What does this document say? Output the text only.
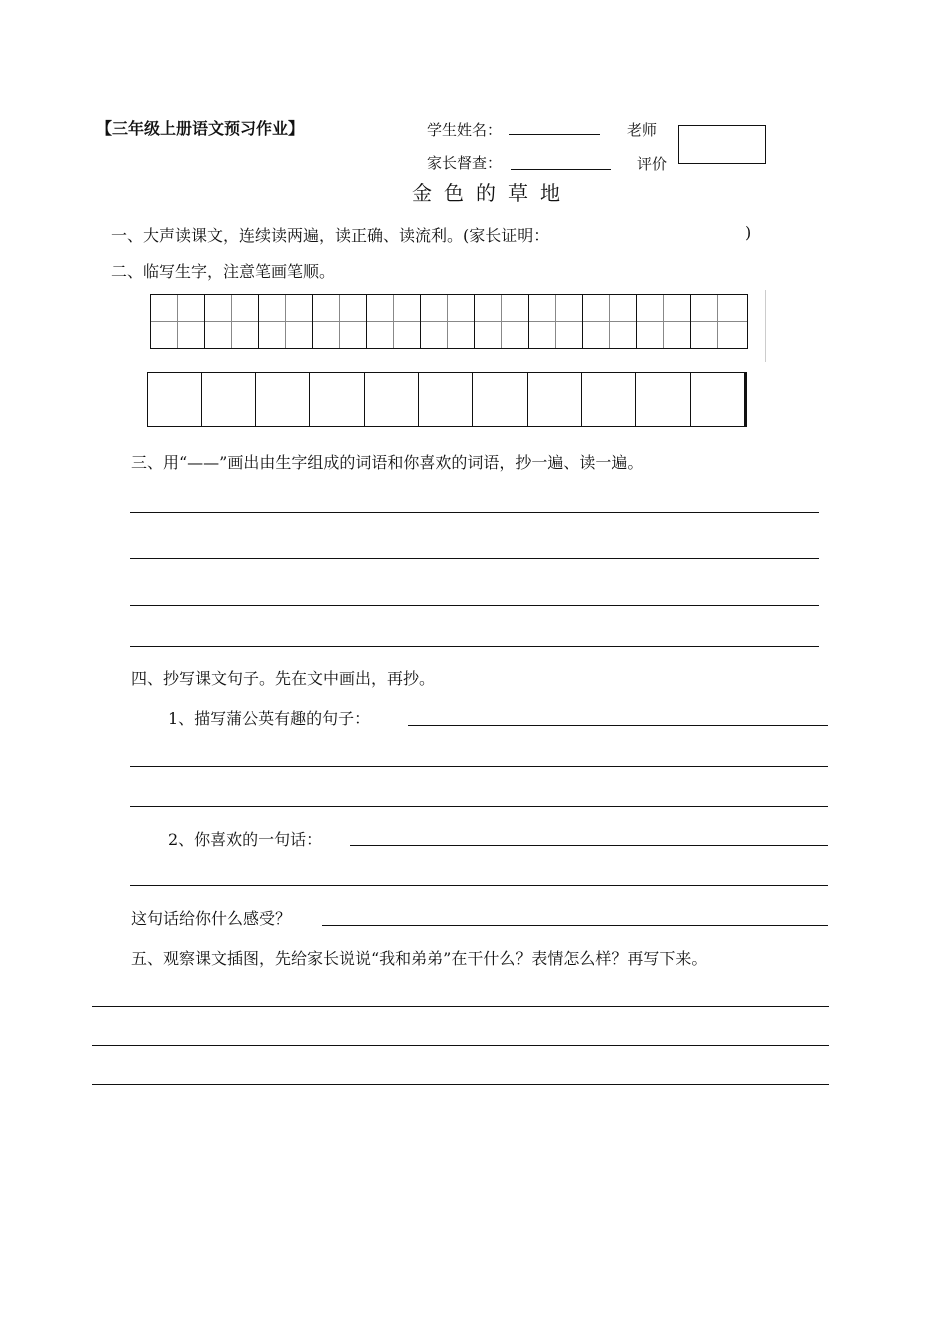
【三年级上册语文预习作业】	学生姓名：	老师
家长督查：	评价
金色的草地
一、大声读课文，连续读两遍，读正确、读流利。(家长证明：	)
二、临写生字，注意笔画笔顺。
三、用“——”画出由生字组成的词语和你喜欢的词语，抄一遍、读一遍。
四、抄写课文句子。先在文中画出，再抄。
1、描写蒲公英有趣的句子：
2、你喜欢的一句话：
这句话给你什么感受？
五、观察课文插图，先给家长说说“我和弟弟”在干什么？表情怎么样？再写下来。
